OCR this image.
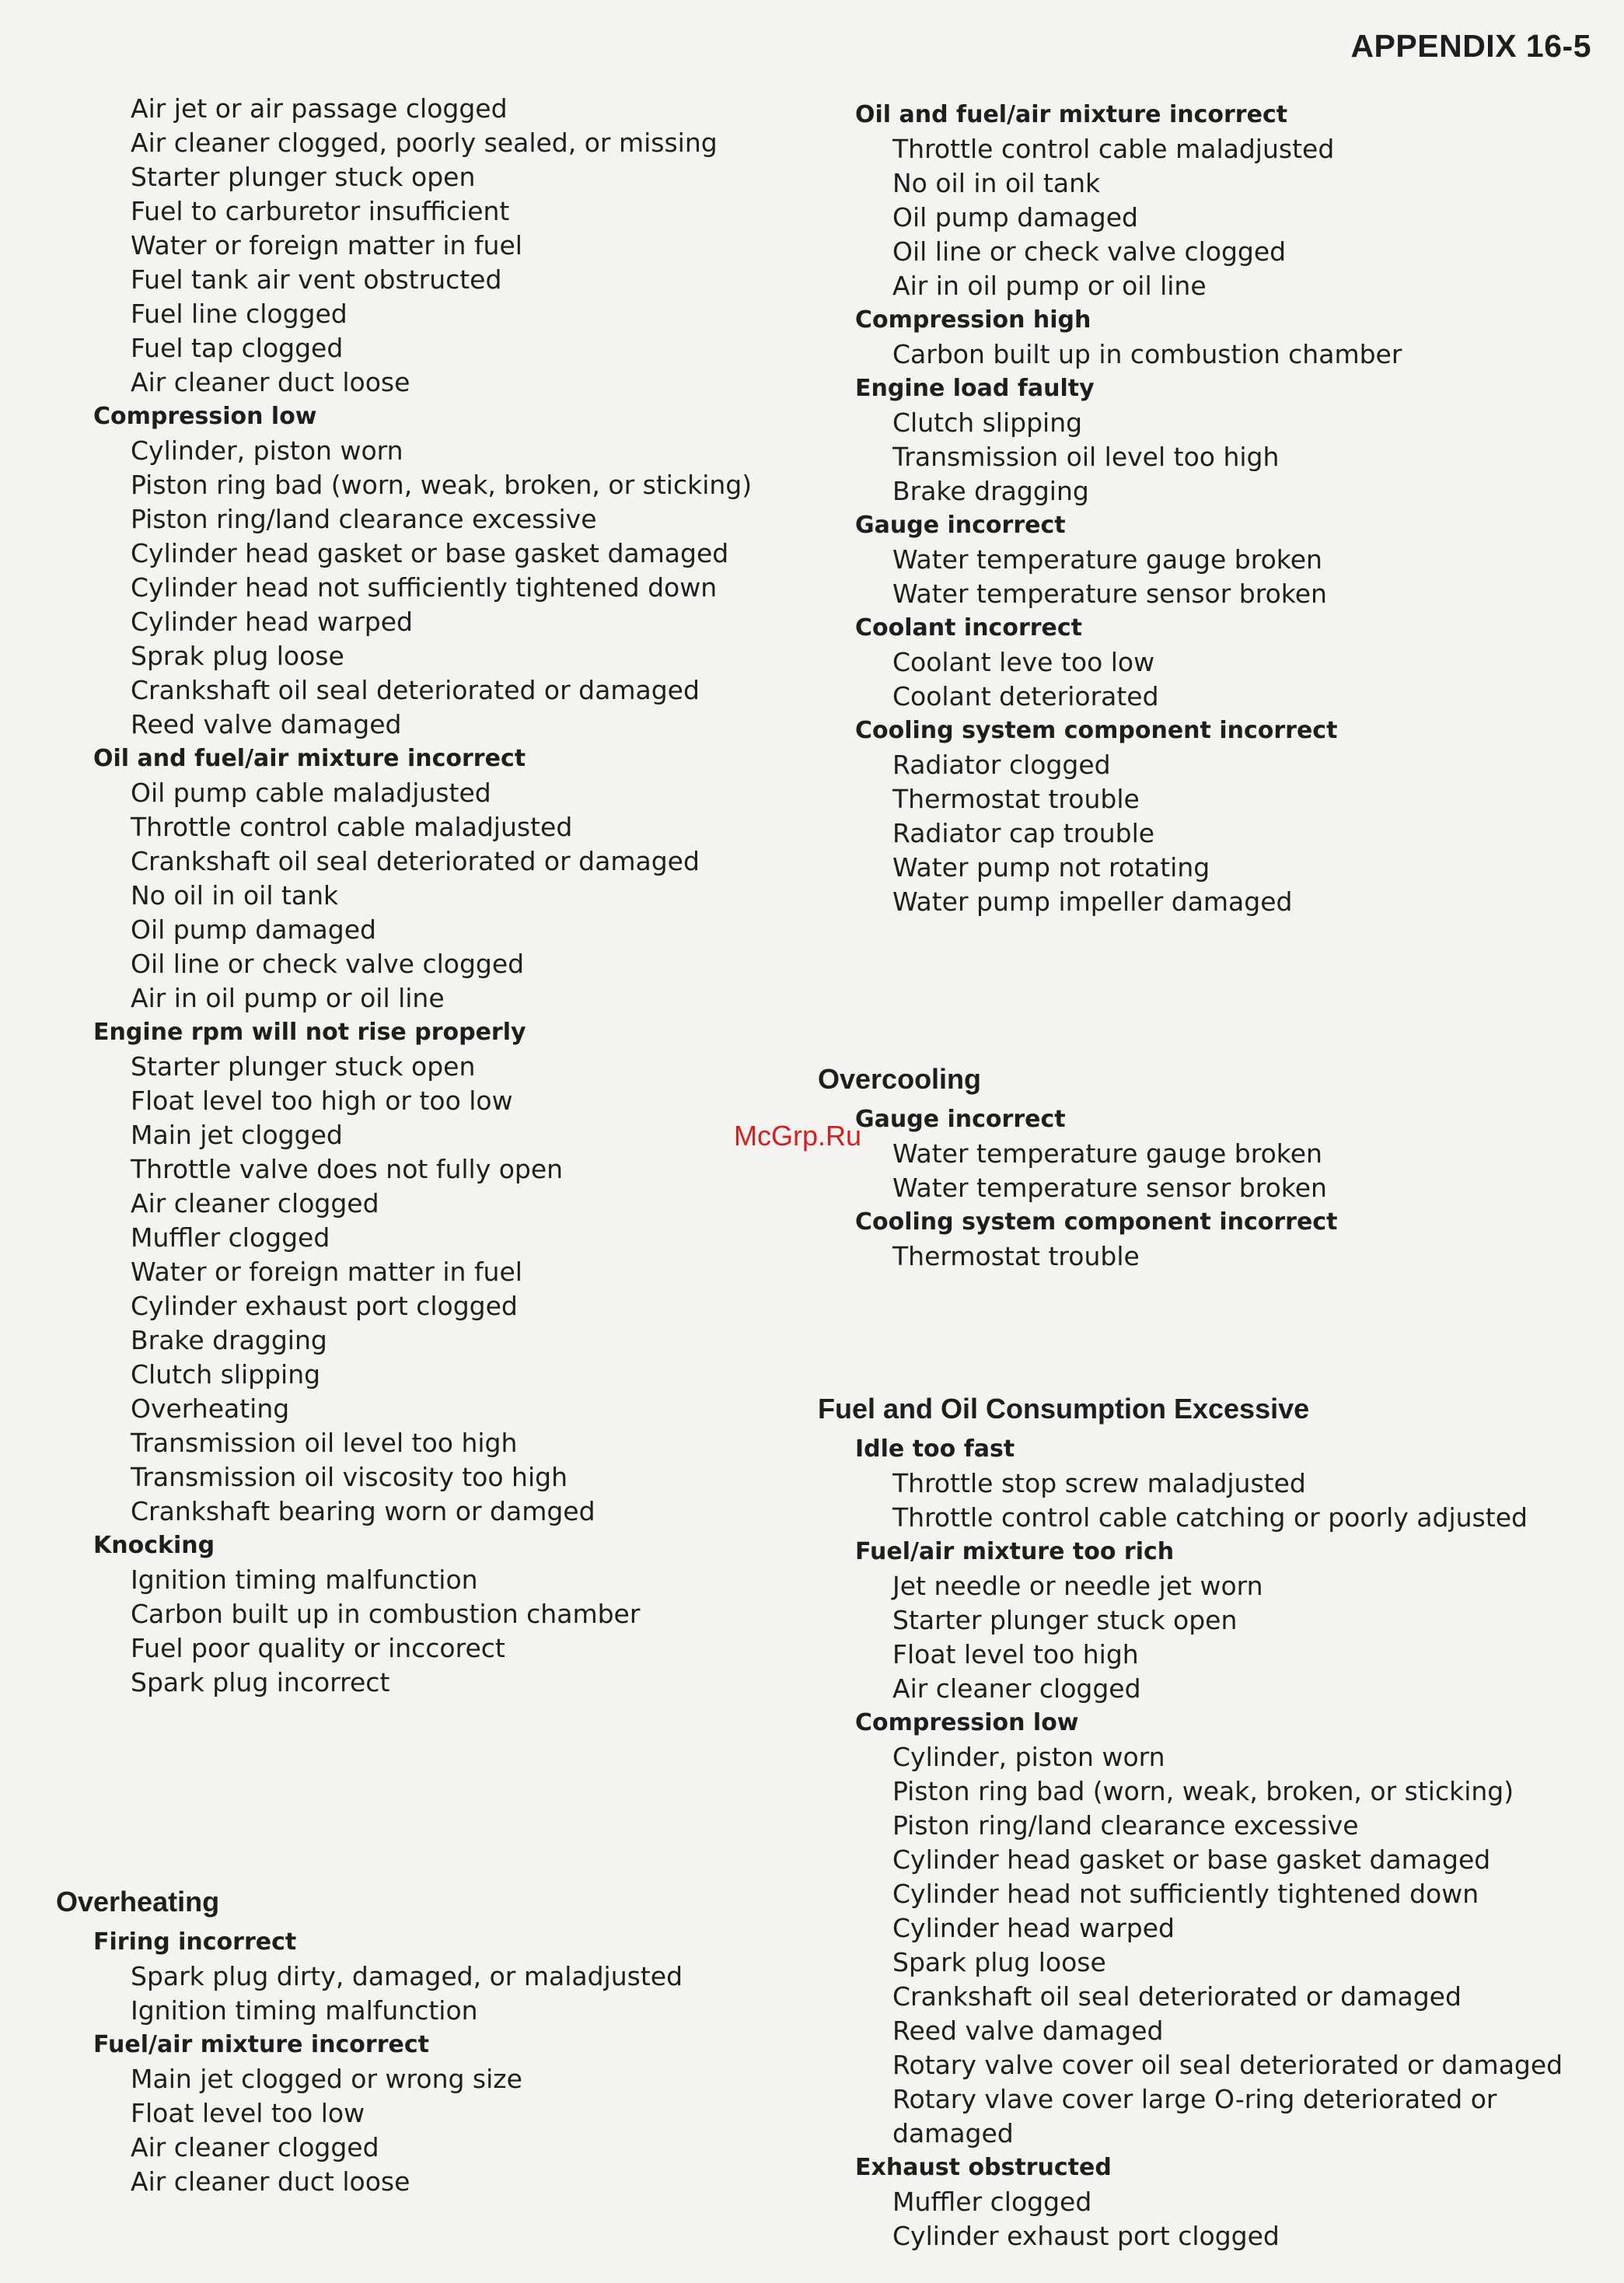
APPENDIX 16-5
McGrp.Ru
Air jet or air passage clogged
Air cleaner clogged, poorly sealed, or missing
Starter plunger stuck open
Fuel to carburetor insufficient
Water or foreign matter in fuel
Fuel tank air vent obstructed
Fuel line clogged
Fuel tap clogged
Air cleaner duct loose
Compression low
Cylinder, piston worn
Piston ring bad (worn, weak, broken, or sticking)
Piston ring/land clearance excessive
Cylinder head gasket or base gasket damaged
Cylinder head not sufficiently tightened down
Cylinder head warped
Sprak plug loose
Crankshaft oil seal deteriorated or damaged
Reed valve damaged
Oil and fuel/air mixture incorrect
Oil pump cable maladjusted
Throttle control cable maladjusted
Crankshaft oil seal deteriorated or damaged
No oil in oil tank
Oil pump damaged
Oil line or check valve clogged
Air in oil pump or oil line
Engine rpm will not rise properly
Starter plunger stuck open
Float level too high or too low
Main jet clogged
Throttle valve does not fully open
Air cleaner clogged
Muffler clogged
Water or foreign matter in fuel
Cylinder exhaust port clogged
Brake dragging
Clutch slipping
Overheating
Transmission oil level too high
Transmission oil viscosity too high
Crankshaft bearing worn or damged
Knocking
Ignition timing malfunction
Carbon built up in combustion chamber
Fuel poor quality or inccorect
Spark plug incorrect
Overheating
Firing incorrect
Spark plug dirty, damaged, or maladjusted
Ignition timing malfunction
Fuel/air mixture incorrect
Main jet clogged or wrong size
Float level too low
Air cleaner clogged
Air cleaner duct loose
Oil and fuel/air mixture incorrect
Throttle control cable maladjusted
No oil in oil tank
Oil pump damaged
Oil line or check valve clogged
Air in oil pump or oil line
Compression high
Carbon built up in combustion chamber
Engine load faulty
Clutch slipping
Transmission oil level too high
Brake dragging
Gauge incorrect
Water temperature gauge broken
Water temperature sensor broken
Coolant incorrect
Coolant leve too low
Coolant deteriorated
Cooling system component incorrect
Radiator clogged
Thermostat trouble
Radiator cap trouble
Water pump not rotating
Water pump impeller damaged
Overcooling
Gauge incorrect
Water temperature gauge broken
Water temperature sensor broken
Cooling system component incorrect
Thermostat trouble
Fuel and Oil Consumption Excessive
Idle too fast
Throttle stop screw maladjusted
Throttle control cable catching or poorly adjusted
Fuel/air mixture too rich
Jet needle or needle jet worn
Starter plunger stuck open
Float level too high
Air cleaner clogged
Compression low
Cylinder, piston worn
Piston ring bad (worn, weak, broken, or sticking)
Piston ring/land clearance excessive
Cylinder head gasket or base gasket damaged
Cylinder head not sufficiently tightened down
Cylinder head warped
Spark plug loose
Crankshaft oil seal deteriorated or damaged
Reed valve damaged
Rotary valve cover oil seal deteriorated or damaged
Rotary vlave cover large O-ring deteriorated or
damaged
Exhaust obstructed
Muffler clogged
Cylinder exhaust port clogged
